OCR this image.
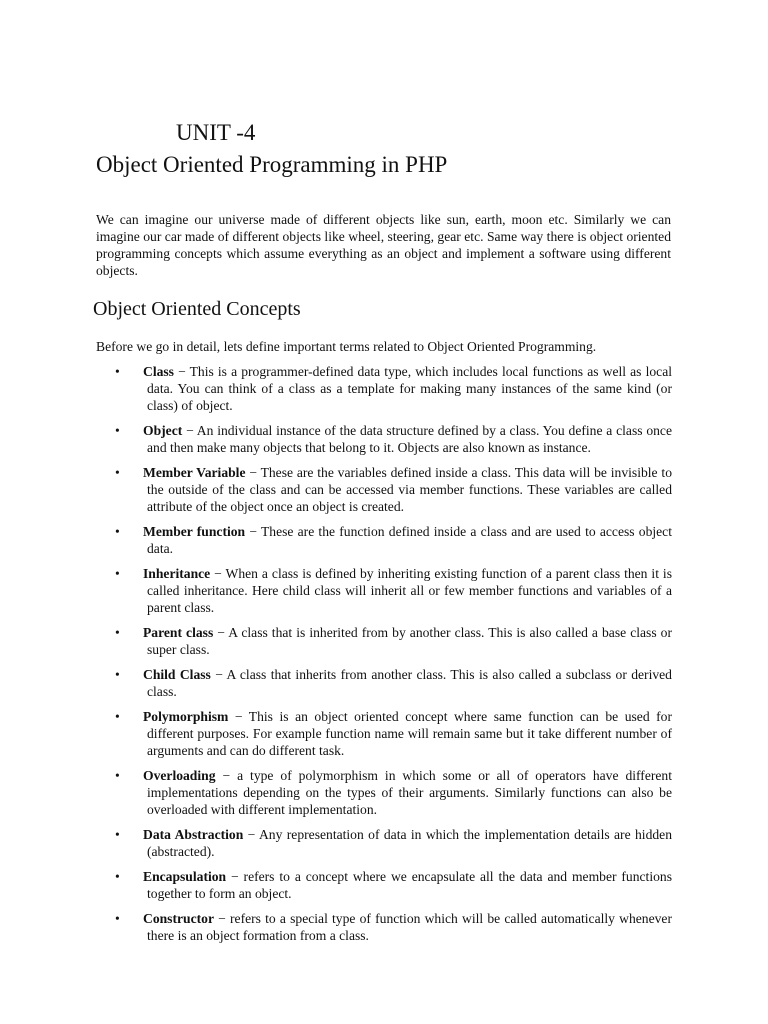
UNIT -4
Object Oriented Programming in PHP

We can imagine our universe made of different objects like sun, earth, moon etc. Similarly we can imagine our car made of different objects like wheel, steering, gear etc. Same way there is object oriented programming concepts which assume everything as an object and implement a software using different objects.

Object Oriented Concepts

Before we go in detail, lets define important terms related to Object Oriented Programming.

•	Class − This is a programmer-defined data type, which includes local functions as well as local data. You can think of a class as a template for making many instances of the same kind (or class) of object.
•	Object − An individual instance of the data structure defined by a class. You define a class once and then make many objects that belong to it. Objects are also known as instance.
•	Member Variable − These are the variables defined inside a class. This data will be invisible to the outside of the class and can be accessed via member functions. These variables are called attribute of the object once an object is created.
•	Member function − These are the function defined inside a class and are used to access object data.
•	Inheritance − When a class is defined by inheriting existing function of a parent class then it is called inheritance. Here child class will inherit all or few member functions and variables of a parent class.
•	Parent class − A class that is inherited from by another class. This is also called a base class or super class.
•	Child Class − A class that inherits from another class. This is also called a subclass or derived class.
•	Polymorphism − This is an object oriented concept where same function can be used for different purposes. For example function name will remain same but it take different number of arguments and can do different task.
•	Overloading − a type of polymorphism in which some or all of operators have different implementations depending on the types of their arguments. Similarly functions can also be overloaded with different implementation.
•	Data Abstraction − Any representation of data in which the implementation details are hidden (abstracted).
•	Encapsulation − refers to a concept where we encapsulate all the data and member functions together to form an object.
•	Constructor − refers to a special type of function which will be called automatically whenever there is an object formation from a class.
